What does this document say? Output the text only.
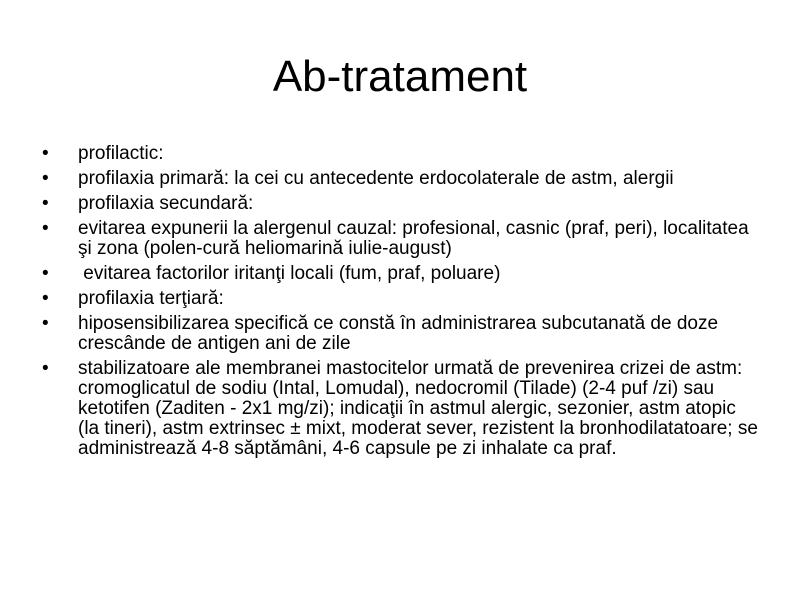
Ab-tratament
•	profilactic:
•	profilaxia primară: la cei cu antecedente erdocolaterale de astm, alergii
•	profilaxia secundară:
•	evitarea expunerii la alergenul cauzal: profesional, casnic (praf, peri), localitatea şi zona (polen-cură heliomarină iulie-august)
•	evitarea factorilor iritanţi locali (fum, praf, poluare)
•	profilaxia terţiară:
•	hiposensibilizarea specifică ce constă în administrarea subcutanată de doze crescânde de antigen ani de zile
•	stabilizatoare ale membranei mastocitelor urmată de prevenirea crizei de astm: cromoglicatul de sodiu (Intal, Lomudal), nedocromil (Tilade) (2-4 puf /zi) sau ketotifen (Zaditen - 2x1 mg/zi); indicaţii în astmul alergic, sezonier, astm atopic (la tineri), astm extrinsec ± mixt, moderat sever, rezistent la bronhodilatatoare; se administrează 4-8 săptămâni, 4-6 capsule pe zi inhalate ca praf.
